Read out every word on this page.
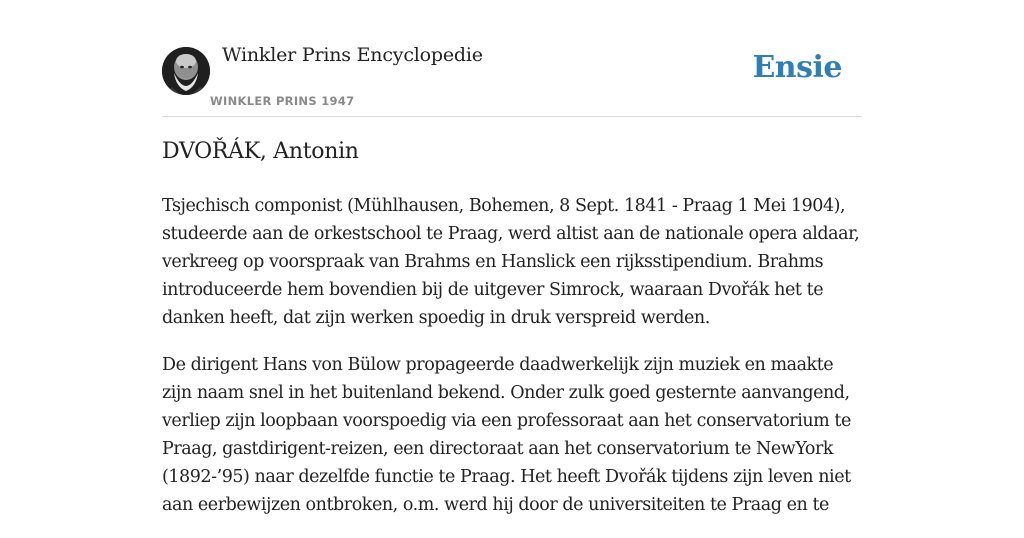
Winkler Prins Encyclopedie
WINKLER PRINS 1947
Ensie
DVOŘÁK, Antonin

Tsjechisch componist (Mühlhausen, Bohemen, 8 Sept. 1841 - Praag 1 Mei 1904), studeerde aan de orkestschool te Praag, werd altist aan de nationale opera aldaar, verkreeg op voorspraak van Brahms en Hanslick een rijksstipendium. Brahms introduceerde hem bovendien bij de uitgever Simrock, waaraan Dvořák het te danken heeft, dat zijn werken spoedig in druk verspreid werden.

De dirigent Hans von Bülow propageerde daadwerkelijk zijn muziek en maakte zijn naam snel in het buitenland bekend. Onder zulk goed gesternte aanvangend, verliep zijn loopbaan voorspoedig via een professoraat aan het conservatorium te Praag, gastdirigent-reizen, een directoraat aan het conservatorium te NewYork (1892-’95) naar dezelfde functie te Praag. Het heeft Dvořák tijdens zijn leven niet aan eerbewijzen ontbroken, o.m. werd hij door de universiteiten te Praag en te
